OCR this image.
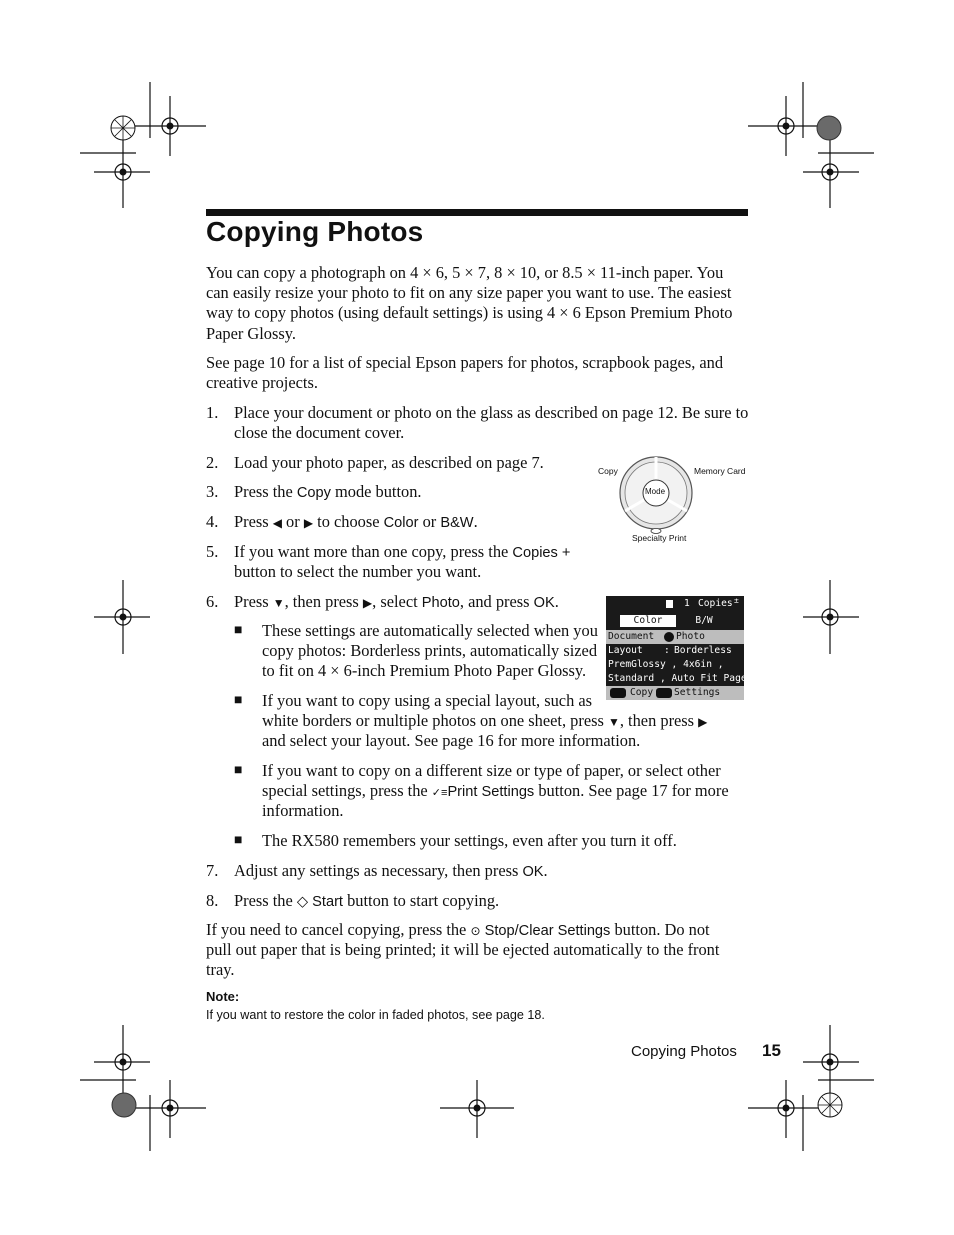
Copying Photos
You can copy a photograph on 4 × 6, 5 × 7, 8 × 10, or 8.5 × 11-inch paper. You can easily resize your photo to fit on any size paper you want to use. The easiest way to copy photos (using default settings) is using 4 × 6 Epson Premium Photo Paper Glossy.
See page 10 for a list of special Epson papers for photos, scrapbook pages, and creative projects.
1. Place your document or photo on the glass as described on page 12. Be sure to
close the document cover.
2. Load your photo paper, as described on page 7.
3. Press the Copy mode button.
4. Press ◀ or ▶ to choose Color or B&W.
5. If you want more than one copy, press the Copies +
button to select the number you want.
6. Press ▼, then press ▶, select Photo, and press OK.
■ These settings are automatically selected when you
copy photos: Borderless prints, automatically sized
to fit on 4 × 6-inch Premium Photo Paper Glossy.
■ If you want to copy using a special layout, such as
white borders or multiple photos on one sheet, press ▼, then press ▶
and select your layout. See page 16 for more information.
■ If you want to copy on a different size or type of paper, or select other
special settings, press the ✓≡Print Settings button. See page 17 for more
information.
■ The RX580 remembers your settings, even after you turn it off.
7. Adjust any settings as necessary, then press OK.
8. Press the ◇ Start button to start copying.
If you need to cancel copying, press the ⊙ Stop/Clear Settings button. Do not
pull out paper that is being printed; it will be ejected automatically to the front
tray.
Note:
If you want to restore the color in faded photos, see page 18.
Copying Photos 15
Copy	Memory Card
Mode
Specialty Print
1 Copies ±
Color	B/W
Document Photo
Layout : Borderless
PremGlossy , 4x6in ,
Standard , Auto Fit Page
Copy Settings
